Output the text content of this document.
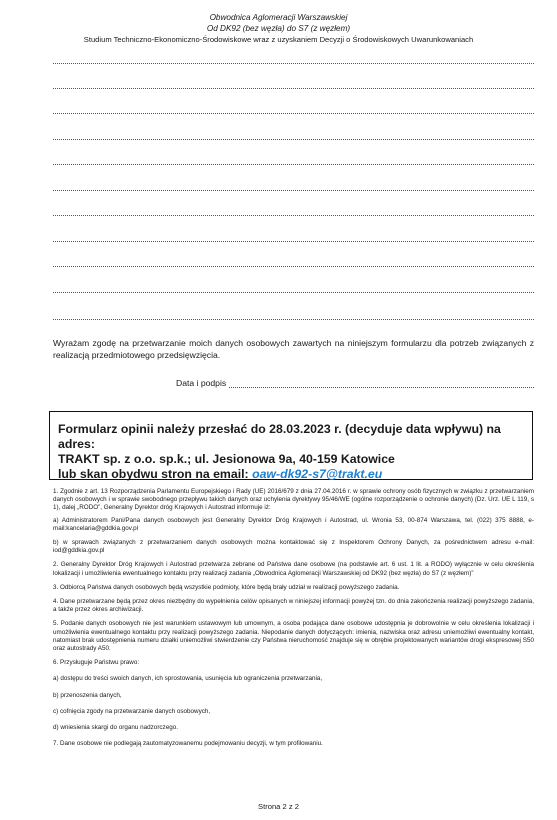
Obwodnica Aglomeracji Warszawskiej
Od DK92 (bez węzła) do S7 (z węzłem)
Studium Techniczno-Ekonomiczno-Środowiskowe wraz z uzyskaniem Decyzji o Środowiskowych Uwarunkowaniach
Wyrażam zgodę na przetwarzanie moich danych osobowych zawartych na niniejszym formularzu dla potrzeb związanych z realizacją przedmiotowego przedsięwzięcia.
Data i podpis
Formularz opinii należy przesłać do 28.03.2023 r. (decyduje data wpływu) na adres:
TRAKT sp. z o.o. sp.k.; ul. Jesionowa 9a, 40-159 Katowice
lub skan obydwu stron na email: oaw-dk92-s7@trakt.eu

1. Zgodnie z art. 13 Rozporządzenia Parlamentu Europejskiego i Rady (UE) 2016/679 z dnia 27.04.2016 r. w sprawie ochrony osób fizycznych w związku z przetwarzaniem danych osobowych i w sprawie swobodnego przepływu takich danych oraz uchylenia dyrektywy 95/46/WE (ogólne rozporządzenie o ochronie danych) (Dz. Urz. UE L 119, s 1), dalej „RODO”, Generalny Dyrektor dróg Krajowych i Autostrad informuje iż:

a) Administratorem Pani/Pana danych osobowych jest Generalny Dyrektor Dróg Krajowych i Autostrad, ul. Wronia 53, 00-874 Warszawa, tel. (022) 375 8888, e-mail:kancelaria@gddkia.gov.pl

b) w sprawach związanych z przetwarzaniem danych osobowych można kontaktować się z Inspektorem Ochrony Danych, za pośrednictwem adresu e-mail: iod@gddkia.gov.pl

2. Generalny Dyrektor Dróg Krajowych i Autostrad przetwarza zebrane od Państwa dane osobowe (na podstawie art. 6 ust. 1 lit. a RODO) wyłącznie w celu określenia lokalizacji i umożliwienia ewentualnego kontaktu przy realizacji zadania „Obwodnica Aglomeracji Warszawskiej od DK92 (bez węzła) do S7 (z węzłem)”

3. Odbiorcą Państwa danych osobowych będą wszystkie podmioty, które będą brały udział w realizacji powyższego zadania.

4. Dane przetwarzane będą przez okres niezbędny do wypełnienia celów opisanych w niniejszej informacji powyżej tzn. do dnia zakończenia realizacji powyższego zadania, a także przez okres archiwizacji.

5. Podanie danych osobowych nie jest warunkiem ustawowym lub umownym, a osoba podająca dane osobowe udostępnia je dobrowolnie w celu określenia lokalizacji i umożliwienia ewentualnego kontaktu przy realizacji powyższego zadania. Niepodanie danych dotyczących: imienia, nazwiska oraz adresu uniemożliwi ewentualny kontakt, natomiast brak udostępnienia numeru działki uniemożliwi stwierdzenie czy Państwa nieruchomość znajduje się w obrębie projektowanych wariantów drogi ekspresowej S50 oraz autostrady A50.

6. Przysługuje Państwu prawo:

a) dostępu do treści swoich danych, ich sprostowania, usunięcia lub ograniczenia przetwarzania,

b) przenoszenia danych,

c) cofnięcia zgody na przetwarzanie danych osobowych,

d) wniesienia skargi do organu nadzorczego.

7. Dane osobowe nie podlegają zautomatyzowanemu podejmowaniu decyzji, w tym profilowaniu.

Strona 2 z 2
